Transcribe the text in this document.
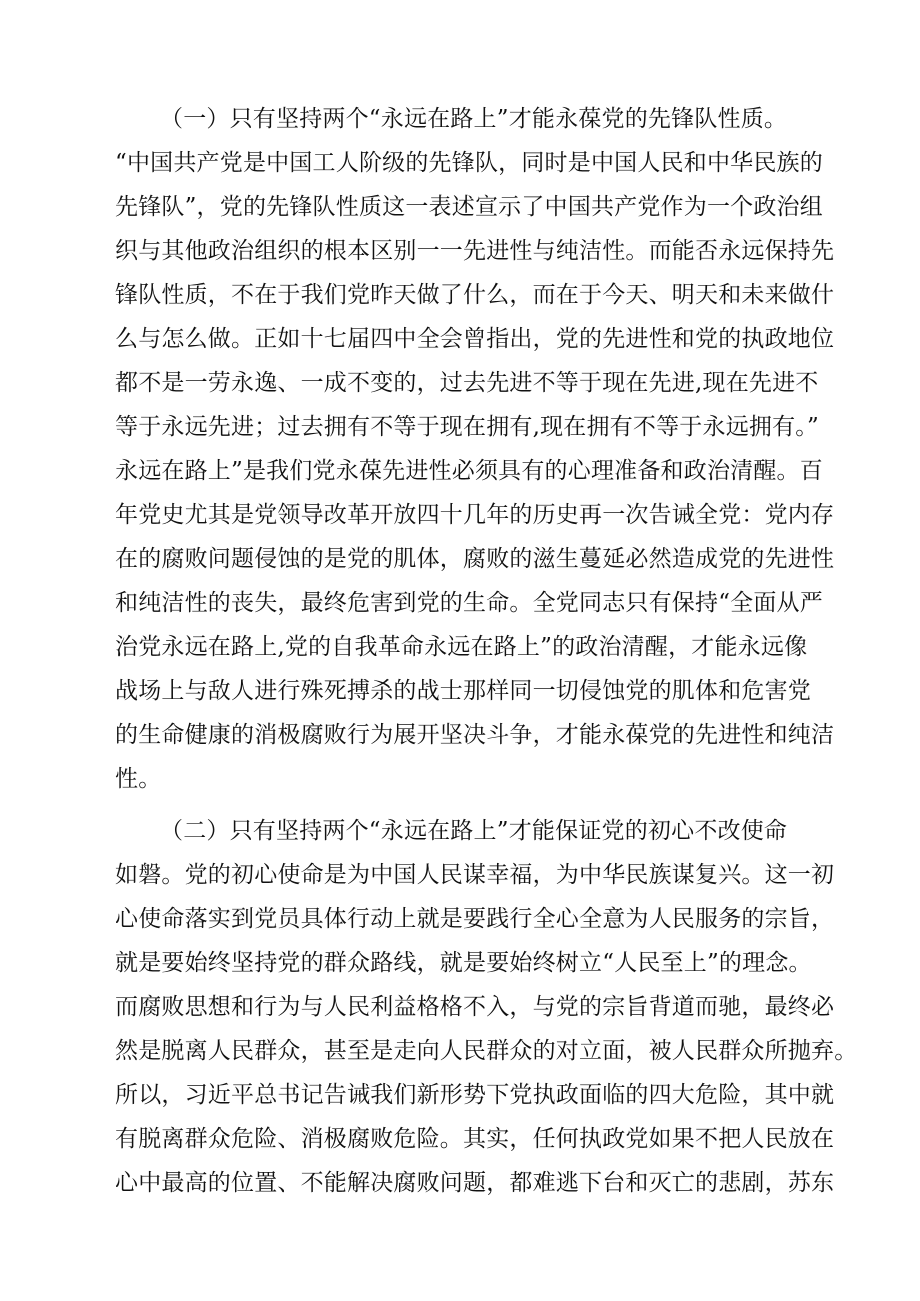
（一）只有坚持两个“永远在路上”才能永葆党的先锋队性质。
“中国共产党是中国工人阶级的先锋队，同时是中国人民和中华民族的
先锋队”，党的先锋队性质这一表述宣示了中国共产党作为一个政治组
织与其他政治组织的根本区别一一先进性与纯洁性。而能否永远保持先
锋队性质，不在于我们党昨天做了什么，而在于今天、明天和未来做什
么与怎么做。正如十七届四中全会曾指出，党的先进性和党的执政地位
都不是一劳永逸、一成不变的，过去先进不等于现在先进,现在先进不
等于永远先进；过去拥有不等于现在拥有,现在拥有不等于永远拥有。”
永远在路上”是我们党永葆先进性必须具有的心理准备和政治清醒。百
年党史尤其是党领导改革开放四十几年的历史再一次告诫全党：党内存
在的腐败问题侵蚀的是党的肌体，腐败的滋生蔓延必然造成党的先进性
和纯洁性的丧失，最终危害到党的生命。全党同志只有保持“全面从严
治党永远在路上,党的自我革命永远在路上”的政治清醒，才能永远像
战场上与敌人进行殊死搏杀的战士那样同一切侵蚀党的肌体和危害党
的生命健康的消极腐败行为展开坚决斗争，才能永葆党的先进性和纯洁
性。
（二）只有坚持两个“永远在路上”才能保证党的初心不改使命
如磐。党的初心使命是为中国人民谋幸福，为中华民族谋复兴。这一初
心使命落实到党员具体行动上就是要践行全心全意为人民服务的宗旨，
就是要始终坚持党的群众路线，就是要始终树立“人民至上”的理念。
而腐败思想和行为与人民利益格格不入，与党的宗旨背道而驰，最终必
然是脱离人民群众，甚至是走向人民群众的对立面，被人民群众所抛弃。
所以，习近平总书记告诫我们新形势下党执政面临的四大危险，其中就
有脱离群众危险、消极腐败危险。其实，任何执政党如果不把人民放在
心中最高的位置、不能解决腐败问题，都难逃下台和灭亡的悲剧，苏东
